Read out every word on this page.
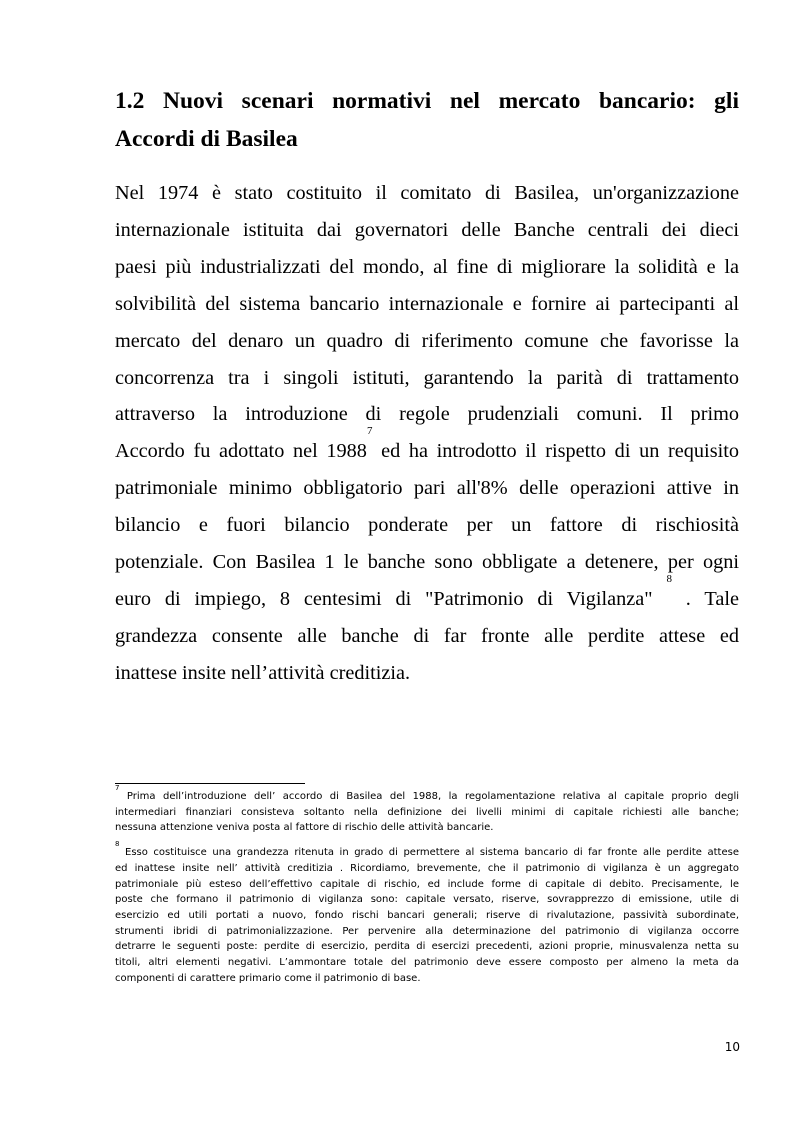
1.2 Nuovi scenari normativi nel mercato bancario: gli
Accordi di Basilea
Nel 1974 è stato costituito il comitato di Basilea, un'organizzazione
internazionale istituita dai governatori delle Banche centrali dei dieci
paesi più industrializzati del mondo, al fine di migliorare la solidità e la
solvibilità del sistema bancario internazionale e fornire ai partecipanti al
mercato del denaro un quadro di riferimento comune che favorisse la
concorrenza tra i singoli istituti, garantendo la parità di trattamento
attraverso la introduzione di regole prudenziali comuni. Il primo
Accordo fu adottato nel 1988$^7$ ed ha introdotto il rispetto di un requisito
patrimoniale minimo obbligatorio pari all'8% delle operazioni attive in
bilancio e fuori bilancio ponderate per un fattore di rischiosità
potenziale. Con Basilea 1 le banche sono obbligate a detenere, per ogni
euro di impiego, 8 centesimi di "Patrimonio di Vigilanza" $^8$ . Tale
grandezza consente alle banche di far fronte alle perdite attese ed
inattese insite nell’attività creditizia.
$^7$ Prima dell’introduzione dell’ accordo di Basilea del 1988, la regolamentazione relativa al capitale proprio degli
intermediari finanziari consisteva soltanto nella definizione dei livelli minimi di capitale richiesti alle banche;
nessuna attenzione veniva posta al fattore di rischio delle attività bancarie.
$^8$ Esso costituisce una grandezza ritenuta in grado di permettere al sistema bancario di far fronte alle perdite attese
ed inattese insite nell’ attività creditizia . Ricordiamo, brevemente, che il patrimonio di vigilanza è un aggregato
patrimoniale più esteso dell’effettivo capitale di rischio, ed include forme di capitale di debito. Precisamente, le
poste che formano il patrimonio di vigilanza sono: capitale versato, riserve, sovrapprezzo di emissione, utile di
esercizio ed utili portati a nuovo, fondo rischi bancari generali; riserve di rivalutazione, passività subordinate,
strumenti ibridi di patrimonializzazione. Per pervenire alla determinazione del patrimonio di vigilanza occorre
detrarre le seguenti poste: perdite di esercizio, perdita di esercizi precedenti, azioni proprie, minusvalenza netta su
titoli, altri elementi negativi. L’ammontare totale del patrimonio deve essere composto per almeno la meta da
componenti di carattere primario come il patrimonio di base.
10
